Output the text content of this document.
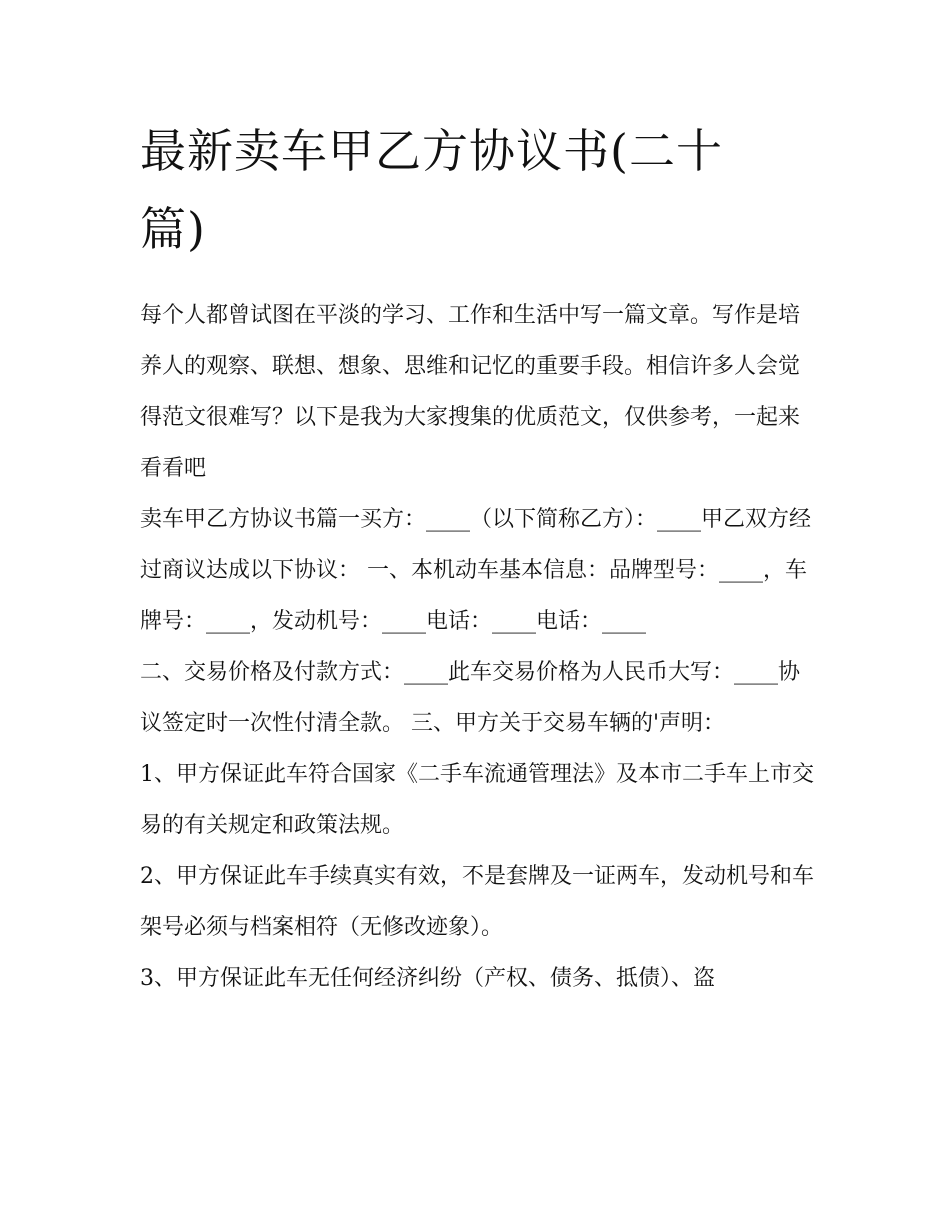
最新卖车甲乙方协议书(二十篇)

每个人都曾试图在平淡的学习、工作和生活中写一篇文章。写作是培养人的观察、联想、想象、思维和记忆的重要手段。相信许多人会觉得范文很难写？以下是我为大家搜集的优质范文，仅供参考，一起来看看吧

卖车甲乙方协议书篇一买方：____（以下简称乙方）：____甲乙双方经过商议达成以下协议： 一、本机动车基本信息：品牌型号：____，车牌号：____，发动机号：____电话：____电话：____

二、交易价格及付款方式：____此车交易价格为人民币大写：____协议签定时一次性付清全款。 三、甲方关于交易车辆的'声明：

1、甲方保证此车符合国家《二手车流通管理法》及本市二手车上市交易的有关规定和政策法规。

2、甲方保证此车手续真实有效，不是套牌及一证两车，发动机号和车架号必须与档案相符（无修改迹象）。

3、甲方保证此车无任何经济纠纷（产权、债务、抵债）、盗
